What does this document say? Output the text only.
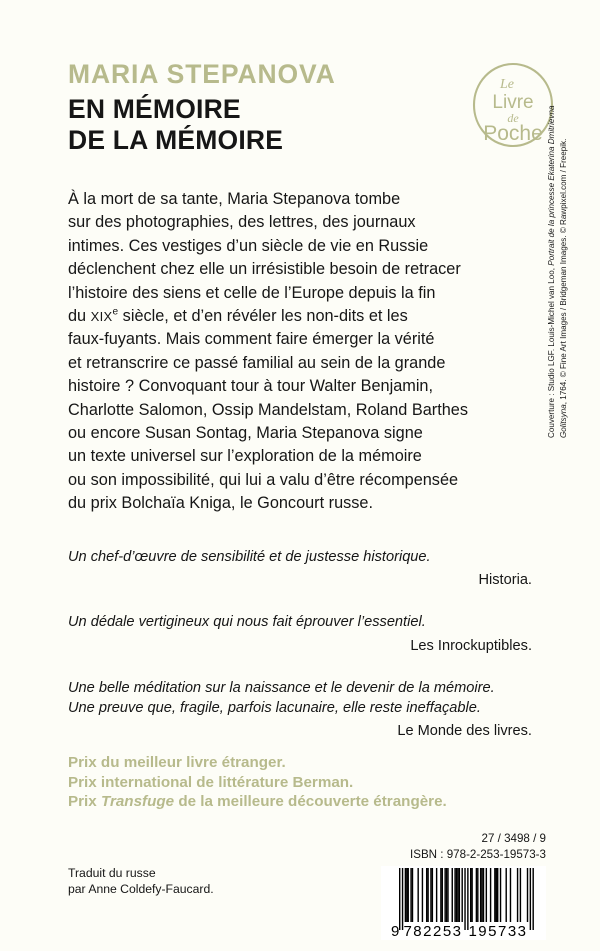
MARIA STEPANOVA
EN MÉMOIRE
DE LA MÉMOIRE
Le
Livre
de
Poche
À la mort de sa tante, Maria Stepanova tombe
sur des photographies, des lettres, des journaux
intimes. Ces vestiges d’un siècle de vie en Russie
déclenchent chez elle un irrésistible besoin de retracer
l’histoire des siens et celle de l’Europe depuis la fin
du XIXe siècle, et d’en révéler les non-dits et les
faux-fuyants. Mais comment faire émerger la vérité
et retranscrire ce passé familial au sein de la grande
histoire ? Convoquant tour à tour Walter Benjamin,
Charlotte Salomon, Ossip Mandelstam, Roland Barthes
ou encore Susan Sontag, Maria Stepanova signe
un texte universel sur l’exploration de la mémoire
ou son impossibilité, qui lui a valu d’être récompensée
du prix Bolchaïa Kniga, le Goncourt russe.
Un chef-d’œuvre de sensibilité et de justesse historique.
Historia.
Un dédale vertigineux qui nous fait éprouver l’essentiel.
Les Inrockuptibles.
Une belle méditation sur la naissance et le devenir de la mémoire.
Une preuve que, fragile, parfois lacunaire, elle reste ineffaçable.
Le Monde des livres.
Prix du meilleur livre étranger.
Prix international de littérature Berman.
Prix Transfuge de la meilleure découverte étrangère.
Couverture : Studio LGF. Louis-Michel van Loo, Portrait de la princesse Ekaterina Dmitrievna
Golitsyna, 1764. © Fine Art Images / Bridgeman Images. © Rawpixel.com / Freepik.
Traduit du russe
par Anne Coldefy-Faucard.
27 / 3498 / 9
ISBN : 978-2-253-19573-3
9 782253 195733
